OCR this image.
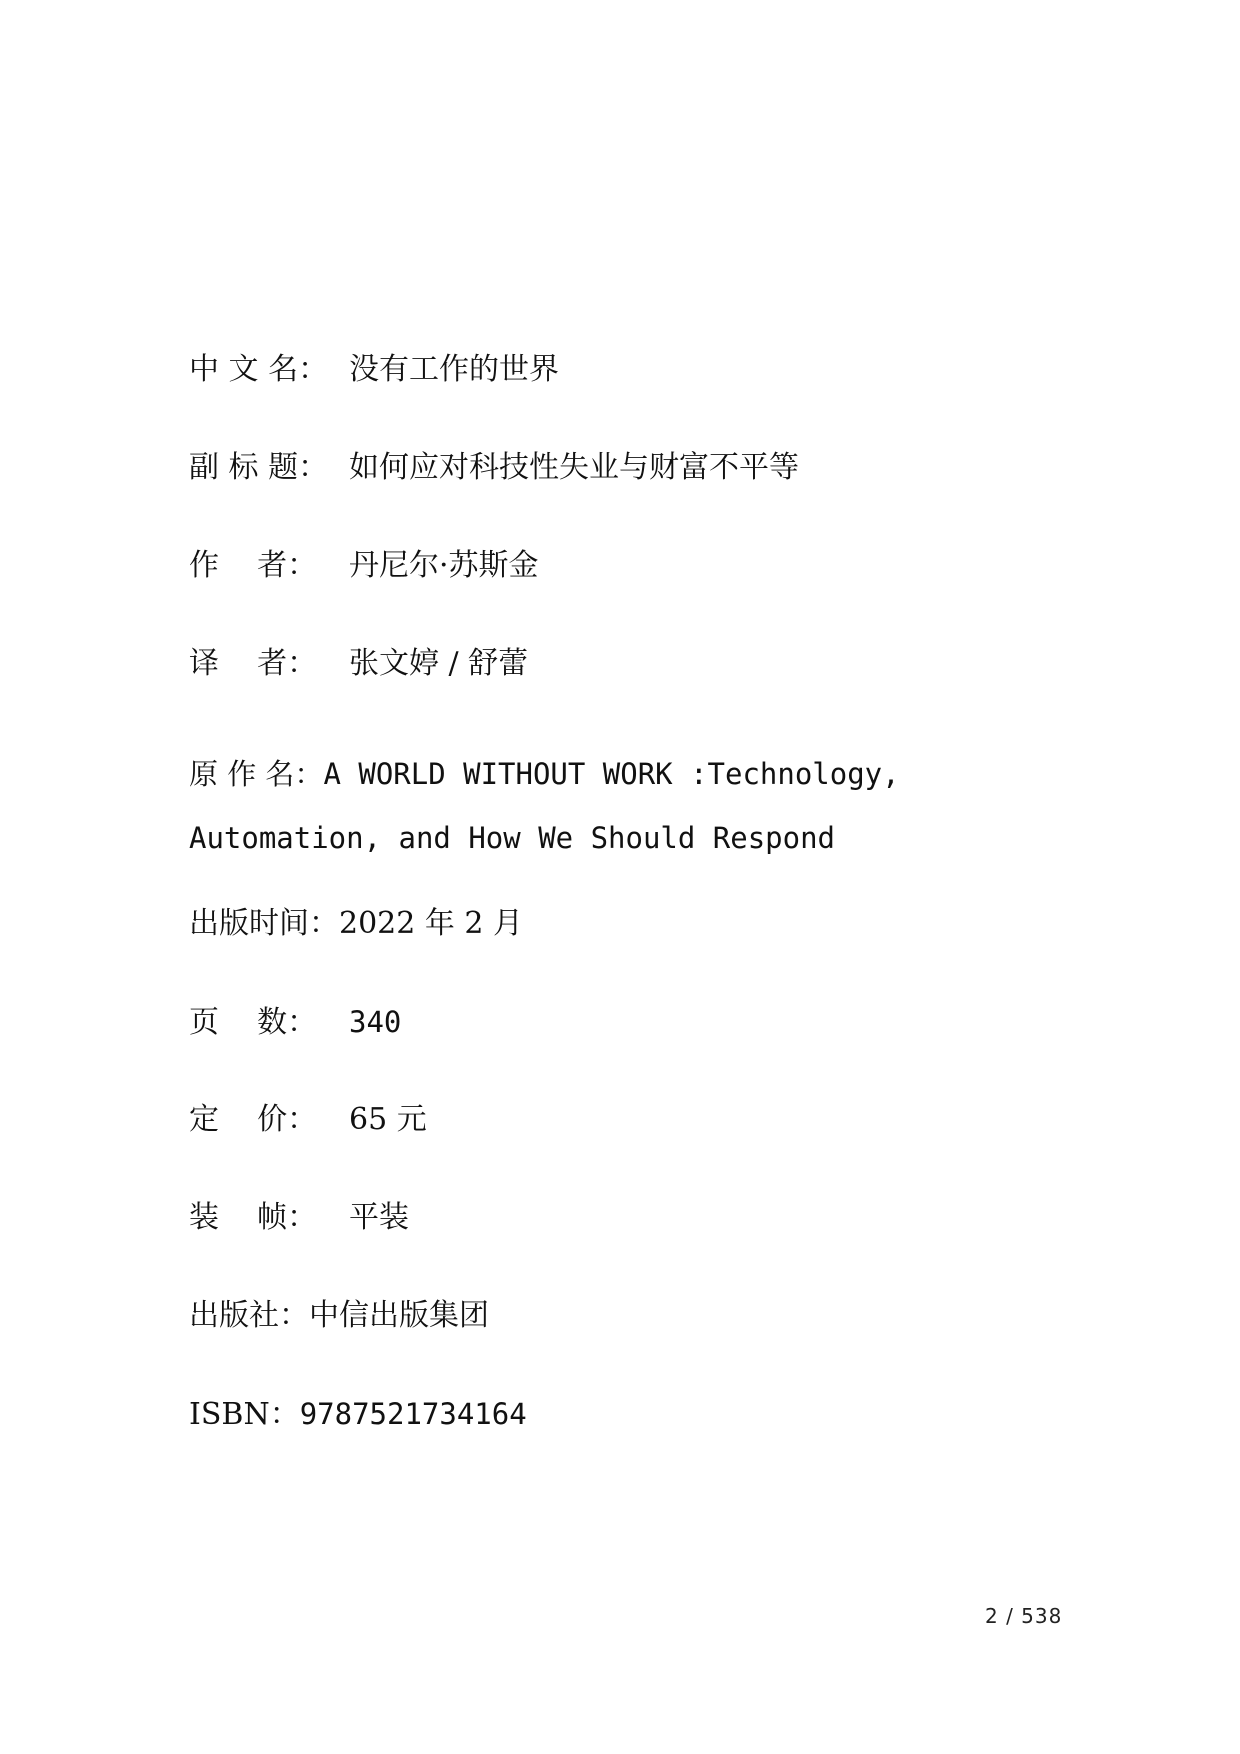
中 文 名： 没有工作的世界
副 标 题： 如何应对科技性失业与财富不平等
作    者：	丹尼尔·苏斯金
译    者：	张文婷 / 舒蕾
原 作 名：A WORLD WITHOUT WORK :Technology, Automation, and How We Should Respond
出版时间： 2022 年 2 月
页    数：	340
定    价：	65 元
装    帧：	平装
出版社： 中信出版集团
ISBN： 9787521734164
2 / 538
